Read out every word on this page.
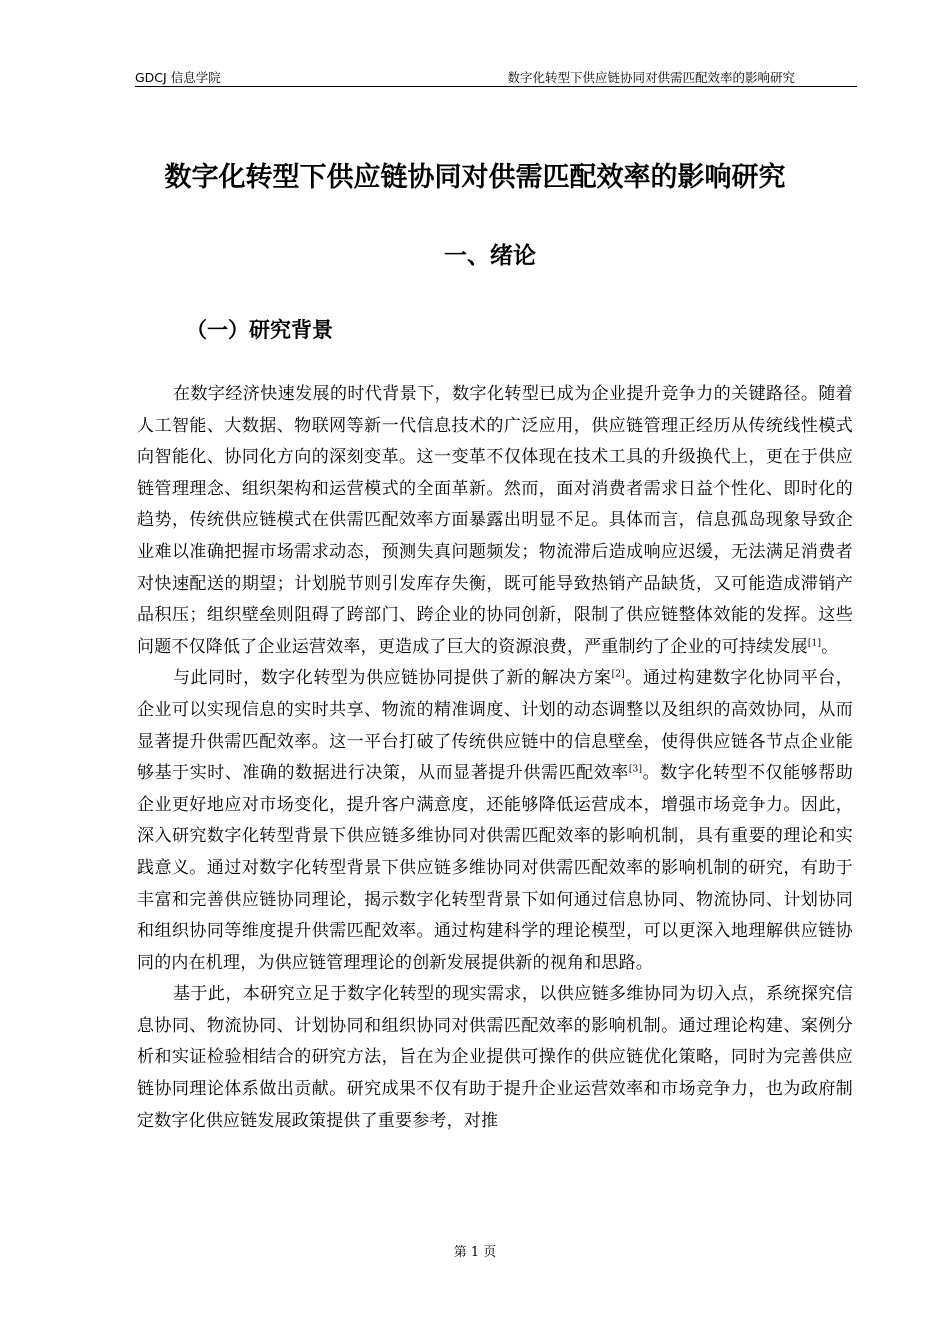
GDCJ 信息学院	数字化转型下供应链协同对供需匹配效率的影响研究
数字化转型下供应链协同对供需匹配效率的影响研究
一、绪论
（一）研究背景

在数字经济快速发展的时代背景下，数字化转型已成为企业提升竞争力的关键路径。随着人工智能、大数据、物联网等新一代信息技术的广泛应用，供应链管理正经历从传统线性模式向智能化、协同化方向的深刻变革。这一变革不仅体现在技术工具的升级换代上，更在于供应链管理理念、组织架构和运营模式的全面革新。然而，面对消费者需求日益个性化、即时化的趋势，传统供应链模式在供需匹配效率方面暴露出明显不足。具体而言，信息孤岛现象导致企业难以准确把握市场需求动态，预测失真问题频发；物流滞后造成响应迟缓，无法满足消费者对快速配送的期望；计划脱节则引发库存失衡，既可能导致热销产品缺货，又可能造成滞销产品积压；组织壁垒则阻碍了跨部门、跨企业的协同创新，限制了供应链整体效能的发挥。这些问题不仅降低了企业运营效率，更造成了巨大的资源浪费，严重制约了企业的可持续发展[1]。

与此同时，数字化转型为供应链协同提供了新的解决方案[2]。通过构建数字化协同平台，企业可以实现信息的实时共享、物流的精准调度、计划的动态调整以及组织的高效协同，从而显著提升供需匹配效率。这一平台打破了传统供应链中的信息壁垒，使得供应链各节点企业能够基于实时、准确的数据进行决策，从而显著提升供需匹配效率[3]。数字化转型不仅能够帮助企业更好地应对市场变化，提升客户满意度，还能够降低运营成本，增强市场竞争力。因此，深入研究数字化转型背景下供应链多维协同对供需匹配效率的影响机制，具有重要的理论和实践意义。通过对数字化转型背景下供应链多维协同对供需匹配效率的影响机制的研究，有助于丰富和完善供应链协同理论，揭示数字化转型背景下如何通过信息协同、物流协同、计划协同和组织协同等维度提升供需匹配效率。通过构建科学的理论模型，可以更深入地理解供应链协同的内在机理，为供应链管理理论的创新发展提供新的视角和思路。

基于此，本研究立足于数字化转型的现实需求，以供应链多维协同为切入点，系统探究信息协同、物流协同、计划协同和组织协同对供需匹配效率的影响机制。通过理论构建、案例分析和实证检验相结合的研究方法，旨在为企业提供可操作的供应链优化策略，同时为完善供应链协同理论体系做出贡献。研究成果不仅有助于提升企业运营效率和市场竞争力，也为政府制定数字化供应链发展政策提供了重要参考，对推

第 1 页
